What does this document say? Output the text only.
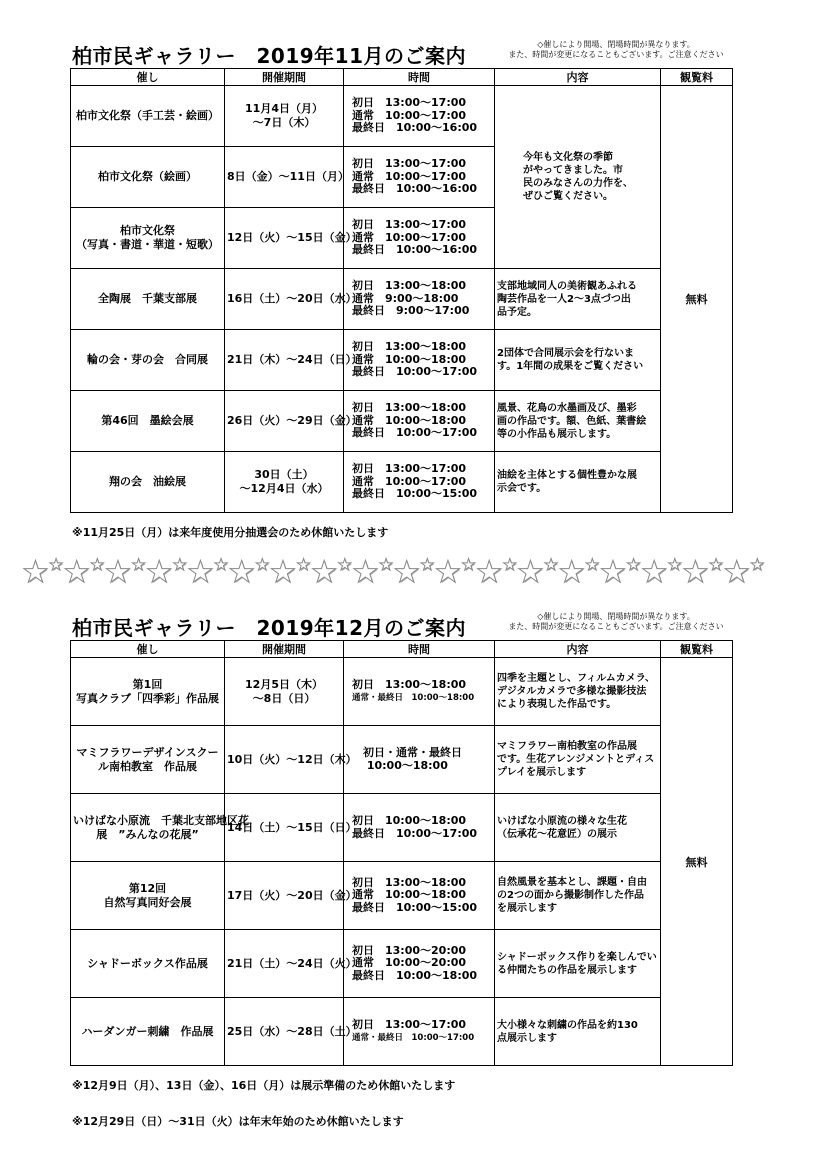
柏市民ギャラリー　2019年11月のご案内	◇催しにより開場、閉場時間が異なります。
また、時間が変更になることもございます。ご注意ください
催し	開催期間	時間	内容	観覧料

柏市文化祭（手工芸・絵画）	11月4日（月）
～7日（木）	初日　13:00～17:00
通常　10:00～17:00
最終日　10:00～16:00	今年も文化祭の季節
がやってきました。市
民のみなさんの力作を、
ぜひご覧ください。	無料

柏市文化祭（絵画）	8日（金）～11日（月）	初日　13:00～17:00
通常　10:00～17:00
最終日　10:00～16:00		

柏市文化祭
（写真・書道・華道・短歌）	12日（火）～15日（金）	初日　13:00～17:00
通常　10:00～17:00
最終日　10:00～16:00		

全陶展　千葉支部展	16日（土）～20日（水）	初日　13:00～18:00
通常　9:00～18:00
最終日　9:00～17:00	支部地域同人の美術観あふれる
陶芸作品を一人2～3点づつ出
品予定。	

輪の会・芽の会　合同展	21日（木）～24日（日）	初日　13:00～18:00
通常　10:00～18:00
最終日　10:00～17:00	2団体で合同展示会を行ないま
す。1年間の成果をご覧ください	

第46回　墨絵会展	26日（火）～29日（金）	初日　13:00～18:00
通常　10:00～18:00
最終日　10:00～17:00	風景、花鳥の水墨画及び、墨彩
画の作品です。額、色紙、葉書絵
等の小作品も展示します。	

翔の会　油絵展	30日（土）
～12月4日（水）	初日　13:00～17:00
通常　10:00～17:00
最終日　10:00～15:00	油絵を主体とする個性豊かな展
示会です。	
※11月25日（月）は来年度使用分抽選会のため休館いたします
★★★★★★★★★★★★★★★★★★★★★★★★★★★★★★★★★★★★
柏市民ギャラリー　2019年12月のご案内	◇催しにより開場、閉場時間が異なります。
また、時間が変更になることもございます。ご注意ください
催し	開催期間	時間	内容	観覧料

第1回
写真クラブ「四季彩」作品展	12月5日（木）
～8日（日）	初日　13:00～18:00
通常・最終日　10:00～18:00	四季を主題とし、フィルムカメラ、
デジタルカメラで多様な撮影技法
により表現した作品です。	無料

マミフラワーデザインスクー
ル南柏教室　作品展	10日（火）～12日（木）	　初日・通常・最終日
　 10:00～18:00	マミフラワー南柏教室の作品展
です。生花アレンジメントとディス
プレイを展示します	

いけばな小原流　千葉北支部地区花
展　”みんなの花展”	14日（土）～15日（日）	初日　10:00～18:00
最終日　10:00～17:00	いけばな小原流の様々な生花
（伝承花～花意匠）の展示	

第12回
自然写真同好会展	17日（火）～20日（金）	初日　13:00～18:00
通常　10:00～18:00
最終日　10:00～15:00	自然風景を基本とし、課題・自由
の2つの面から撮影制作した作品
を展示します	

シャドーボックス作品展	21日（土）～24日（火）	初日　13:00～20:00
通常　10:00～20:00
最終日　10:00～18:00	シャドーボックス作りを楽しんでい
る仲間たちの作品を展示します	

ハーダンガー刺繍　作品展	25日（水）～28日（土）	初日　13:00～17:00
通常・最終日　10:00～17:00	大小様々な刺繍の作品を約130
点展示します	
※12月9日（月）、13日（金）、16日（月）は展示準備のため休館いたします
※12月29日（日）～31日（火）は年末年始のため休館いたします
